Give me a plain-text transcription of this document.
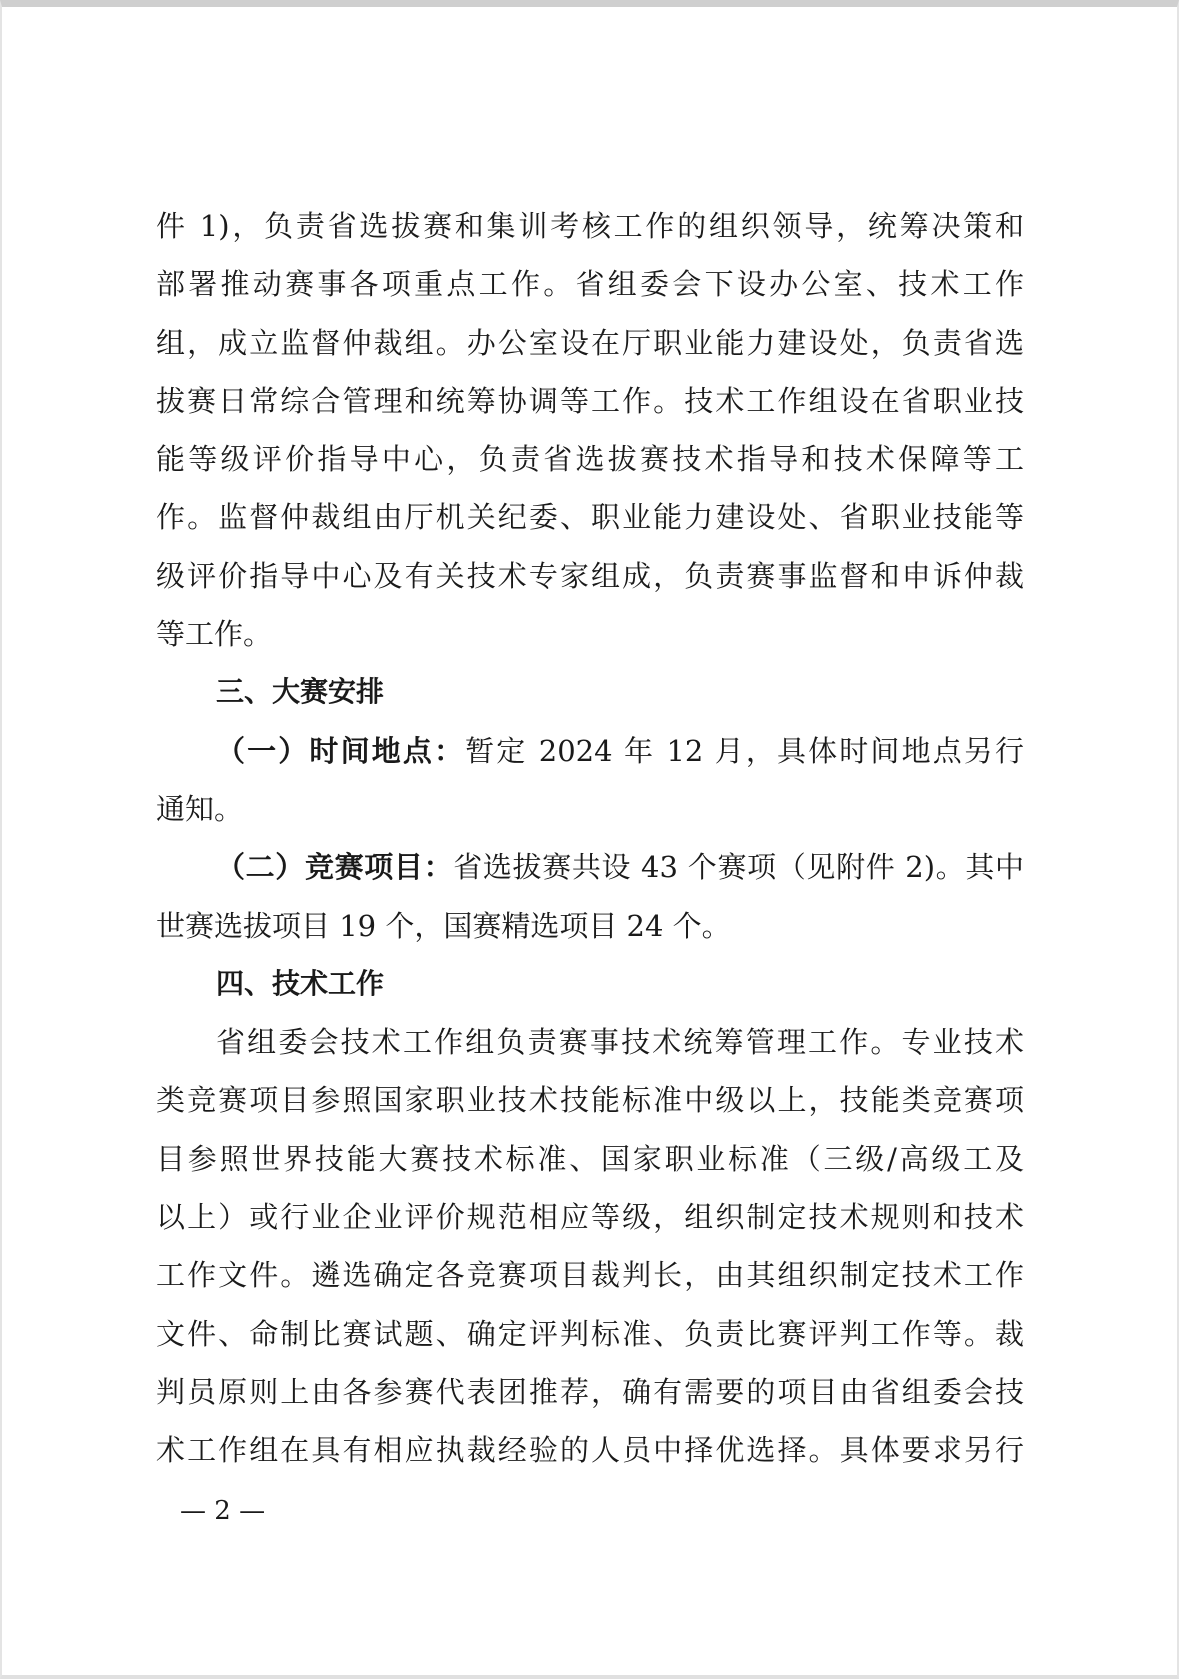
件 1)，负责省选拔赛和集训考核工作的组织领导，统筹决策和
部署推动赛事各项重点工作。省组委会下设办公室、技术工作
组，成立监督仲裁组。办公室设在厅职业能力建设处，负责省选
拔赛日常综合管理和统筹协调等工作。技术工作组设在省职业技
能等级评价指导中心，负责省选拔赛技术指导和技术保障等工
作。监督仲裁组由厅机关纪委、职业能力建设处、省职业技能等
级评价指导中心及有关技术专家组成，负责赛事监督和申诉仲裁
等工作。
三、大赛安排
（一）时间地点：暂定 2024 年 12 月，具体时间地点另行
通知。
（二）竞赛项目：省选拔赛共设 43 个赛项（见附件 2)。其中
世赛选拔项目 19 个，国赛精选项目 24 个。
四、技术工作
省组委会技术工作组负责赛事技术统筹管理工作。专业技术
类竞赛项目参照国家职业技术技能标准中级以上，技能类竞赛项
目参照世界技能大赛技术标准、国家职业标准（三级/高级工及
以上）或行业企业评价规范相应等级，组织制定技术规则和技术
工作文件。遴选确定各竞赛项目裁判长，由其组织制定技术工作
文件、命制比赛试题、确定评判标准、负责比赛评判工作等。裁
判员原则上由各参赛代表团推荐，确有需要的项目由省组委会技
术工作组在具有相应执裁经验的人员中择优选择。具体要求另行
— 2 —
